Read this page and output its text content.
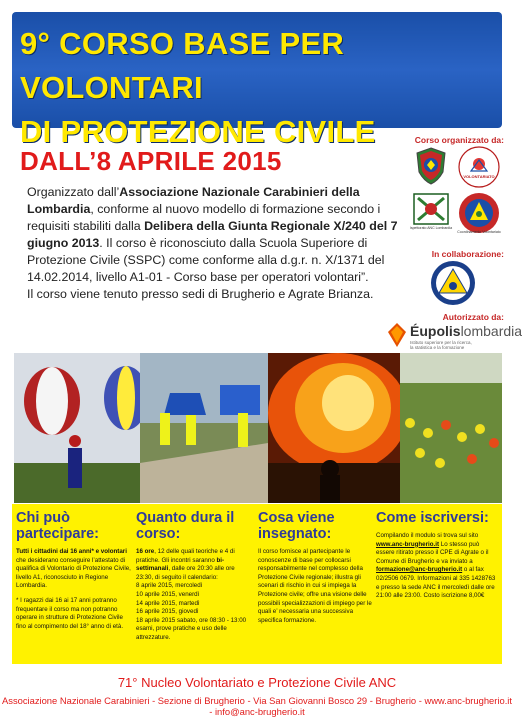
9° CORSO BASE PER VOLONTARI
DI PROTEZIONE CIVILE
DALL’8 APRILE 2015
Organizzato dall’Associazione Nazionale Carabinieri della Lombardia, conforme al nuovo modello di formazione secondo i requisiti stabiliti dalla Delibera della Giunta Regionale X/240 del 7 giugno 2013. Il corso è riconosciuto dalla Scuola Superiore di Protezione Civile (SSPC) come conforme alla d.g.r. n. X/1371 del 14.02.2014, livello A1-01 - Corso base per operatori volontari”.
Il corso viene tenuto presso sedi di Brugherio e Agrate Brianza.
Corso organizzato da:
VOLONTARIATO
Ispettorato ANC Lombardia
Coordinamento Volontariato
In collaborazione:
Autorizzato da:
Éupolislombardia
Istituto superiore per la ricerca,
la statistica e la formazione
Chi può partecipare:

Tutti i cittadini dai 16 anni* e volontari che desiderano conseguire l’attestato di qualifica di Volontario di Protezione Civile, livello A1, riconosciuto in Regione Lombardia.

* I ragazzi dai 16 ai 17 anni potranno frequentare il corso ma non potranno operare in strutture di Protezione Civile fino al compimento del 18° anno di età.

Quanto dura il corso:

16 ore, 12 delle quali teoriche e 4 di pratiche. Gli incontri saranno bi-settimanali, dalle ore 20:30 alle ore 23:30, di seguito il calendario:
8 aprile 2015, mercoledì
10 aprile 2015, venerdì
14 aprile 2015, martedì
16 aprile 2015, giovedì
18 aprile 2015 sabato, ore 08:30 - 13:00 esami, prove pratiche e uso delle attrezzature.

Cosa viene insegnato:

Il corso fornisce al partecipante le conoscenze di base per collocarsi responsabilmente nel complesso della Protezione Civile regionale; illustra gli scenari di rischio in cui si impiega la Protezione civile; offre una visione delle possibili specializzazioni di impiego per le quali e’ necessaria una successiva specifica formazione.

Come iscriversi:

Compilando il modulo si trova sul sito www.anc-brugherio.it Lo stesso può essere ritirato presso il CPE di Agrate o il Comune di Brugherio e va inviato a formazione@anc-brugherio.it o al fax 02/2506 0679. Informazioni al 335 1428763 e presso la sede ANC il mercoledì dalle ore 21:00 alle 23:00. Costo iscrizione 8,00€

71° Nucleo Volontariato e Protezione Civile ANC
Associazione Nazionale Carabinieri - Sezione di Brugherio - Via San Giovanni Bosco 29 - Brugherio - www.anc-brugherio.it - info@anc-brugherio.it
